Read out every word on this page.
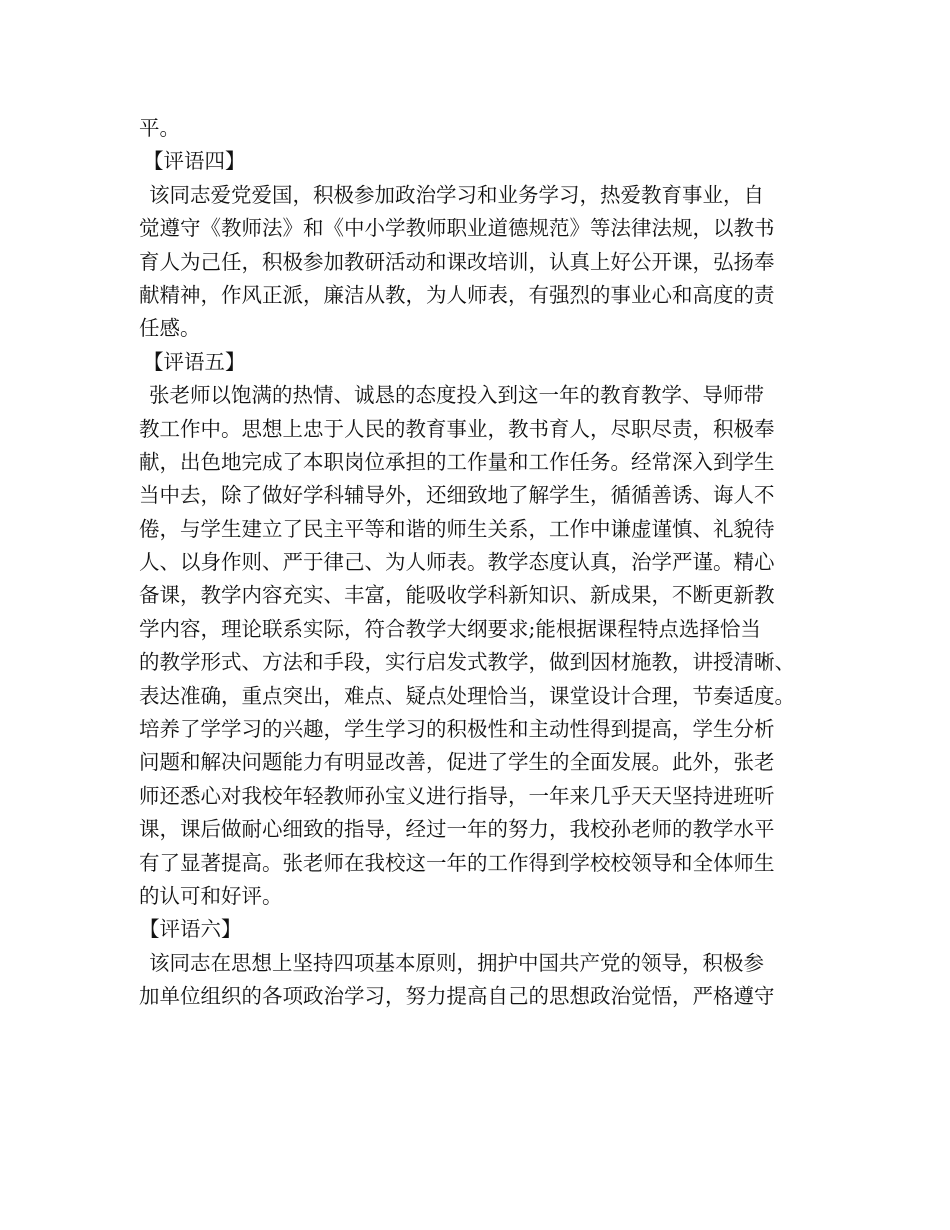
平。
【评语四】
该同志爱党爱国，积极参加政治学习和业务学习，热爱教育事业，自
觉遵守《教师法》和《中小学教师职业道德规范》等法律法规，以教书
育人为己任，积极参加教研活动和课改培训，认真上好公开课，弘扬奉
献精神，作风正派，廉洁从教，为人师表，有强烈的事业心和高度的责
任感。
【评语五】
张老师以饱满的热情、诚恳的态度投入到这一年的教育教学、导师带
教工作中。思想上忠于人民的教育事业，教书育人，尽职尽责，积极奉
献，出色地完成了本职岗位承担的工作量和工作任务。经常深入到学生
当中去，除了做好学科辅导外，还细致地了解学生，循循善诱、诲人不
倦，与学生建立了民主平等和谐的师生关系，工作中谦虚谨慎、礼貌待
人、以身作则、严于律己、为人师表。教学态度认真，治学严谨。精心
备课，教学内容充实、丰富，能吸收学科新知识、新成果，不断更新教
学内容，理论联系实际，符合教学大纲要求;能根据课程特点选择恰当
的教学形式、方法和手段，实行启发式教学，做到因材施教，讲授清晰、
表达准确，重点突出，难点、疑点处理恰当，课堂设计合理，节奏适度。
培养了学学习的兴趣，学生学习的积极性和主动性得到提高，学生分析
问题和解决问题能力有明显改善，促进了学生的全面发展。此外，张老
师还悉心对我校年轻教师孙宝义进行指导，一年来几乎天天坚持进班听
课，课后做耐心细致的指导，经过一年的努力，我校孙老师的教学水平
有了显著提高。张老师在我校这一年的工作得到学校校领导和全体师生
的认可和好评。
【评语六】
该同志在思想上坚持四项基本原则，拥护中国共产党的领导，积极参
加单位组织的各项政治学习，努力提高自己的思想政治觉悟，严格遵守
